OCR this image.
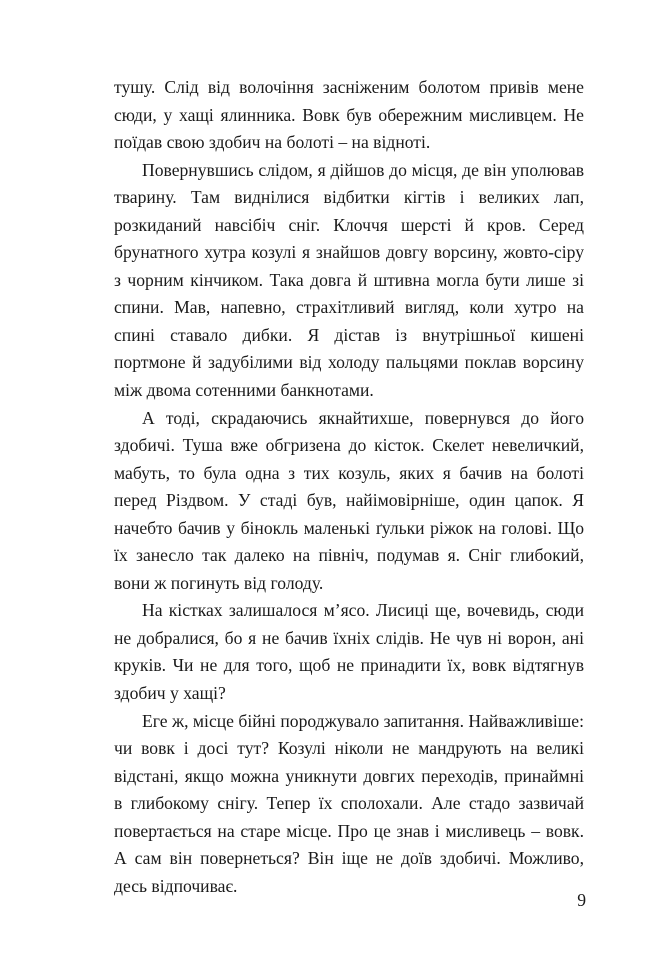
тушу. Слід від волочіння засніженим болотом привів мене сюди, у хащі ялинника. Вовк був обережним мисливцем. Не поїдав свою здобич на болоті – на відноті.

Повернувшись слідом, я дійшов до місця, де він уполював тварину. Там виднілися відбитки кігтів і великих лап, розкиданий навсібіч сніг. Клоччя шерсті й кров. Серед брунатного хутра козулі я знайшов довгу ворсину, жовто-сіру з чорним кінчиком. Така довга й штивна могла бути лише зі спини. Мав, напевно, страхітливий вигляд, коли хутро на спині ставало дибки. Я дістав із внутрішньої кишені портмоне й задубілими від холоду пальцями поклав ворсину між двома сотенними банкнотами.

А тоді, скрадаючись якнайтихше, повернувся до його здобичі. Туша вже обгризена до кісток. Скелет невеличкий, мабуть, то була одна з тих козуль, яких я бачив на болоті перед Різдвом. У стаді був, найімовірніше, один цапок. Я начебто бачив у бінокль маленькі ґульки ріжок на голові. Що їх занесло так далеко на північ, подумав я. Сніг глибокий, вони ж погинуть від голоду.

На кістках залишалося м’ясо. Лисиці ще, вочевидь, сюди не добралися, бо я не бачив їхніх слідів. Не чув ні ворон, ані круків. Чи не для того, щоб не принадити їх, вовк відтягнув здобич у хащі?

Еге ж, місце бійні породжувало запитання. Найважливіше: чи вовк і досі тут? Козулі ніколи не мандрують на великі відстані, якщо можна уникнути довгих переходів, принаймні в глибокому снігу. Тепер їх сполохали. Але стадо зазвичай повертається на старе місце. Про це знав і мисливець – вовк. А сам він повернеться? Він іще не доїв здобичі. Можливо, десь відпочиває.

9
